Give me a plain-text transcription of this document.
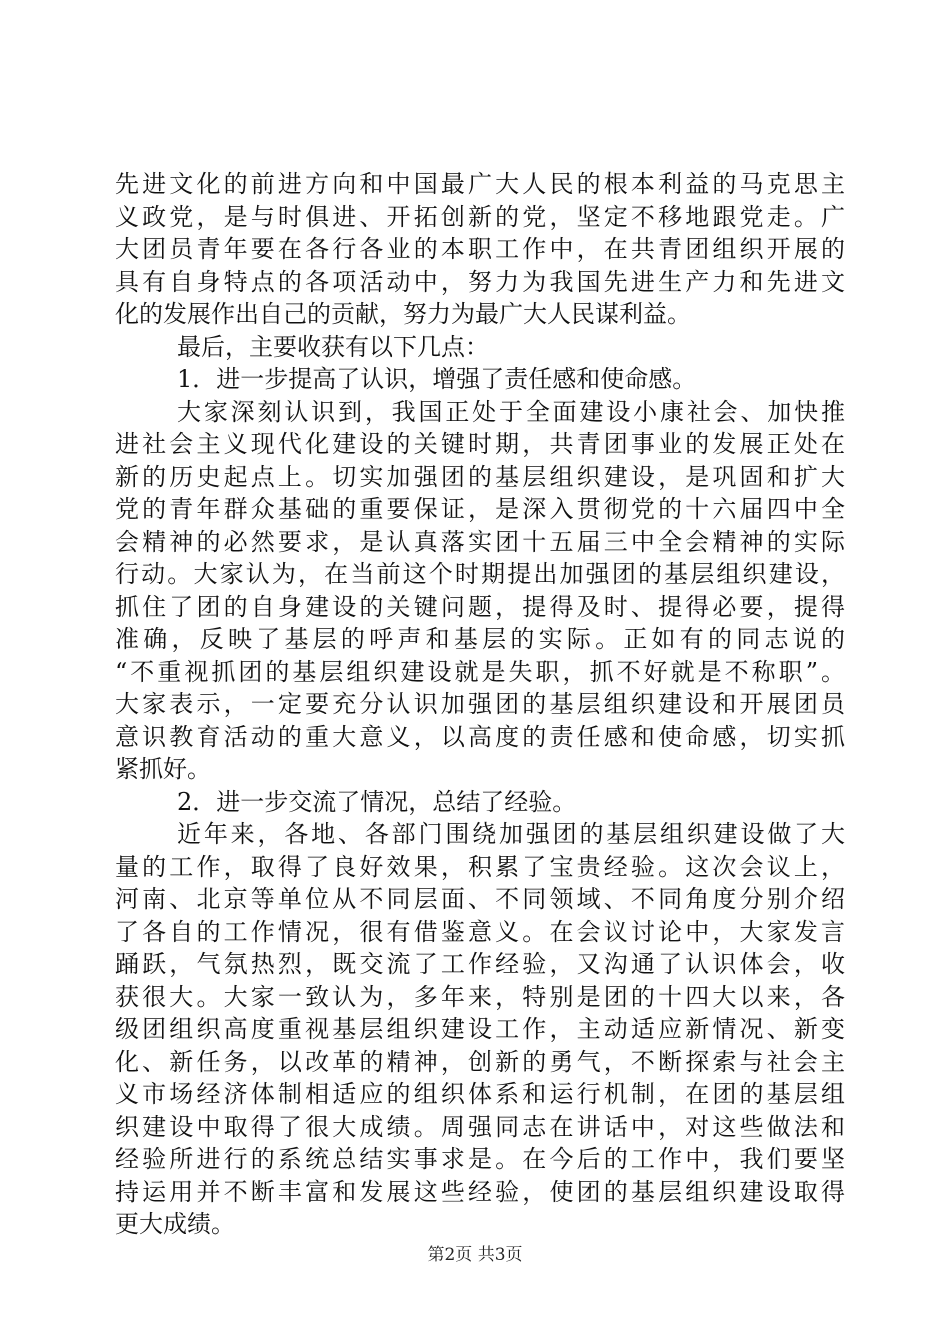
先进文化的前进方向和中国最广大人民的根本利益的马克思主
义政党，是与时俱进、开拓创新的党，坚定不移地跟党走。广
大团员青年要在各行各业的本职工作中，在共青团组织开展的
具有自身特点的各项活动中，努力为我国先进生产力和先进文
化的发展作出自己的贡献，努力为最广大人民谋利益。
最后，主要收获有以下几点：
1．进一步提高了认识，增强了责任感和使命感。
大家深刻认识到，我国正处于全面建设小康社会、加快推
进社会主义现代化建设的关键时期，共青团事业的发展正处在
新的历史起点上。切实加强团的基层组织建设，是巩固和扩大
党的青年群众基础的重要保证，是深入贯彻党的十六届四中全
会精神的必然要求，是认真落实团十五届三中全会精神的实际
行动。大家认为，在当前这个时期提出加强团的基层组织建设，
抓住了团的自身建设的关键问题，提得及时、提得必要，提得
准确，反映了基层的呼声和基层的实际。正如有的同志说的
“不重视抓团的基层组织建设就是失职，抓不好就是不称职”。
大家表示，一定要充分认识加强团的基层组织建设和开展团员
意识教育活动的重大意义，以高度的责任感和使命感，切实抓
紧抓好。
2．进一步交流了情况，总结了经验。
近年来，各地、各部门围绕加强团的基层组织建设做了大
量的工作，取得了良好效果，积累了宝贵经验。这次会议上，
河南、北京等单位从不同层面、不同领域、不同角度分别介绍
了各自的工作情况，很有借鉴意义。在会议讨论中，大家发言
踊跃，气氛热烈，既交流了工作经验，又沟通了认识体会，收
获很大。大家一致认为，多年来，特别是团的十四大以来，各
级团组织高度重视基层组织建设工作，主动适应新情况、新变
化、新任务，以改革的精神，创新的勇气，不断探索与社会主
义市场经济体制相适应的组织体系和运行机制，在团的基层组
织建设中取得了很大成绩。周强同志在讲话中，对这些做法和
经验所进行的系统总结实事求是。在今后的工作中，我们要坚
持运用并不断丰富和发展这些经验，使团的基层组织建设取得
更大成绩。
第2页 共3页
